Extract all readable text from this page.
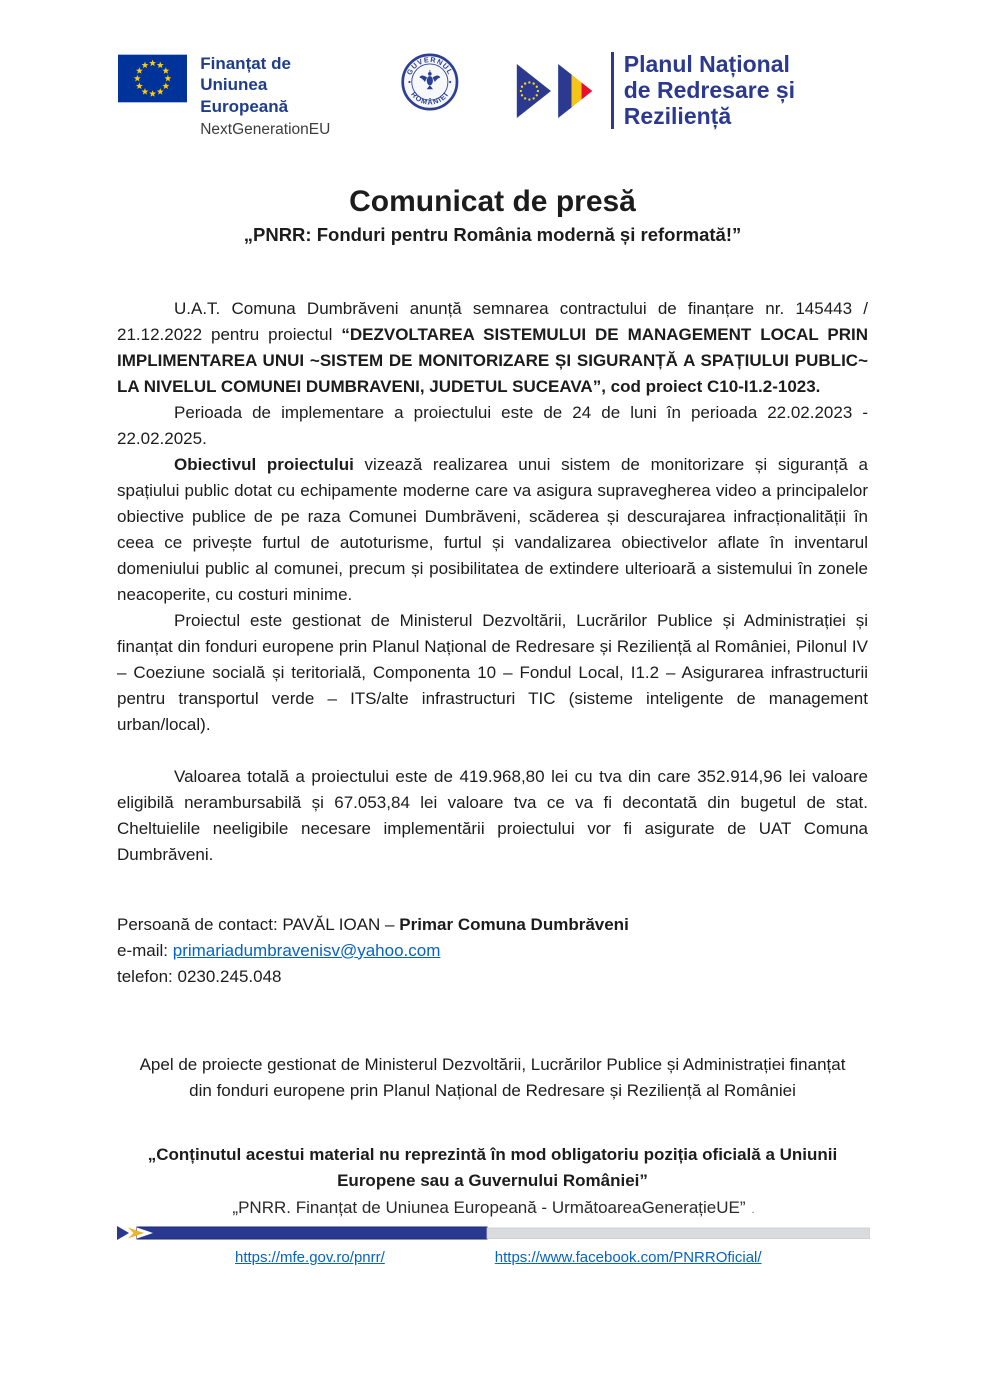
Finanțat de
Uniunea Europeană
NextGenerationEU
GUVERNUL
ROMÂNIEI
Planul Național
de Redresare și Reziliență
Comunicat de presă
„PNRR: Fonduri pentru România modernă și reformată!”

U.A.T. Comuna Dumbrăveni anunță semnarea contractului de finanțare nr. 145443 / 21.12.2022 pentru proiectul “DEZVOLTAREA SISTEMULUI DE MANAGEMENT LOCAL PRIN IMPLIMENTAREA UNUI ~SISTEM DE MONITORIZARE ȘI SIGURANȚĂ A SPAȚIULUI PUBLIC~ LA NIVELUL COMUNEI DUMBRAVENI, JUDETUL SUCEAVA”, cod proiect C10-I1.2-1023.

Perioada de implementare a proiectului este de 24 de luni în perioada 22.02.2023 - 22.02.2025.

Obiectivul proiectului vizează realizarea unui sistem de monitorizare și siguranță a spațiului public dotat cu echipamente moderne care va asigura supravegherea video a principalelor obiective publice de pe raza Comunei Dumbrăveni, scăderea și descurajarea infracționalității în ceea ce privește furtul de autoturisme, furtul și vandalizarea obiectivelor aflate în inventarul domeniului public al comunei, precum și posibilitatea de extindere ulterioară a sistemului în zonele neacoperite, cu costuri minime.

Proiectul este gestionat de Ministerul Dezvoltării, Lucrărilor Publice și Administrației și finanțat din fonduri europene prin Planul Național de Redresare și Reziliență al României, Pilonul IV – Coeziune socială și teritorială, Componenta 10 – Fondul Local, I1.2 – Asigurarea infrastructurii pentru transportul verde – ITS/alte infrastructuri TIC (sisteme inteligente de management urban/local).

Valoarea totală a proiectului este de 419.968,80 lei cu tva din care 352.914,96 lei valoare eligibilă nerambursabilă și 67.053,84 lei valoare tva ce va fi decontată din bugetul de stat. Cheltuielile neeligibile necesare implementării proiectului vor fi asigurate de UAT Comuna Dumbrăveni.

Persoană de contact: PAVĂL IOAN – Primar Comuna Dumbrăveni

e-mail: primariadumbravenisv@yahoo.com

telefon: 0230.245.048

Apel de proiecte gestionat de Ministerul Dezvoltării, Lucrărilor Publice și Administrației finanțat din fonduri europene prin Planul Național de Redresare și Reziliență al României
„Conținutul acestui material nu reprezintă în mod obligatoriu poziția oficială a Uniunii Europene sau a Guvernului României”
„PNRR. Finanțat de Uniunea Europeană - UrmătoareaGenerațieUE” .
https://mfe.gov.ro/pnrr/	https://www.facebook.com/PNRROficial/
